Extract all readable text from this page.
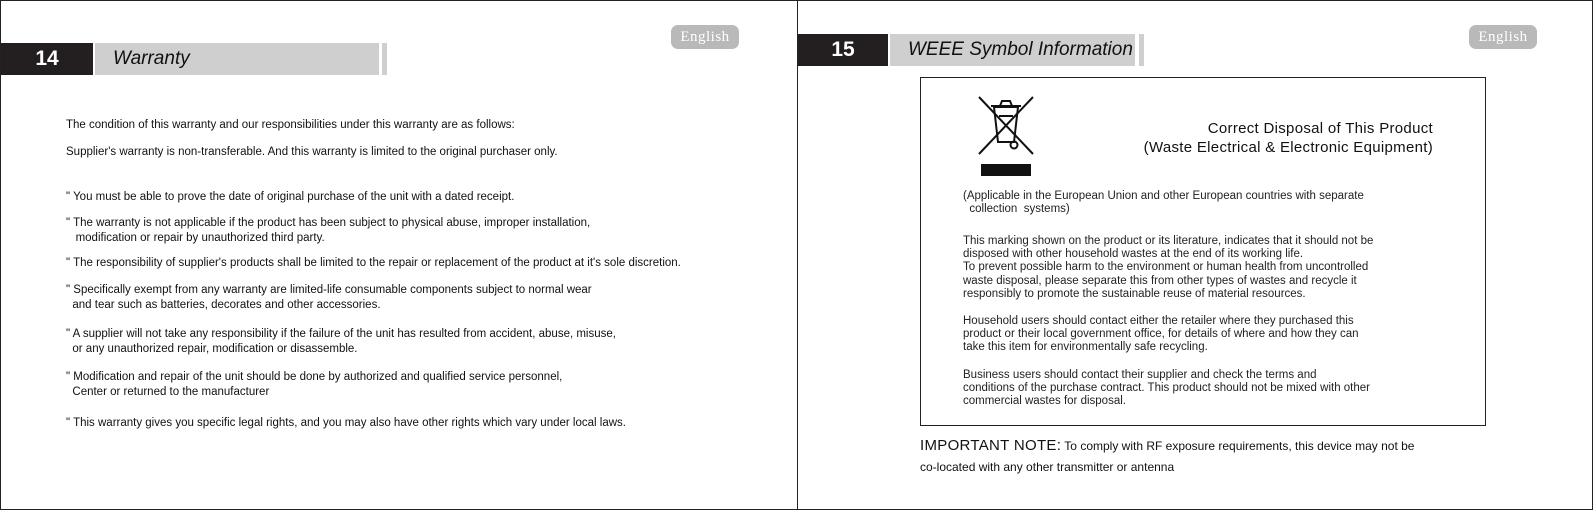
English
14	Warranty
The condition of this warranty and our responsibilities under this warranty are as follows:
Supplier's warranty is non-transferable. And this warranty is limited to the original purchaser only.
" You must be able to prove the date of original purchase of the unit with a dated receipt.
" The warranty is not applicable if the product has been subject to physical abuse, improper installation,
modification or repair by unauthorized third party.
" The responsibility of supplier's products shall be limited to the repair or replacement of the product at it's sole discretion.
" Specifically exempt from any warranty are limited-life consumable components subject to normal wear
and tear such as batteries, decorates and other accessories.
" A supplier will not take any responsibility if the failure of the unit has resulted from accident, abuse, misuse,
or any unauthorized repair, modification or disassemble.
" Modification and repair of the unit should be done by authorized and qualified service personnel,
Center or returned to the manufacturer
" This warranty gives you specific legal rights, and you may also have other rights which vary under local laws.
English
15	WEEE Symbol Information
Correct Disposal of This Product
(Waste Electrical & Electronic Equipment)
(Applicable in the European Union and other European countries with separate
collection  systems)
This marking shown on the product or its literature, indicates that it should not be
disposed with other household wastes at the end of its working life.
To prevent possible harm to the environment or human health from uncontrolled
waste disposal, please separate this from other types of wastes and recycle it
responsibly to promote the sustainable reuse of material resources.
Household users should contact either the retailer where they purchased this
product or their local government office, for details of where and how they can
take this item for environmentally safe recycling.
Business users should contact their supplier and check the terms and
conditions of the purchase contract. This product should not be mixed with other
commercial wastes for disposal.
IMPORTANT NOTE: To comply with RF exposure requirements, this device may not be
co-located with any other transmitter or antenna
